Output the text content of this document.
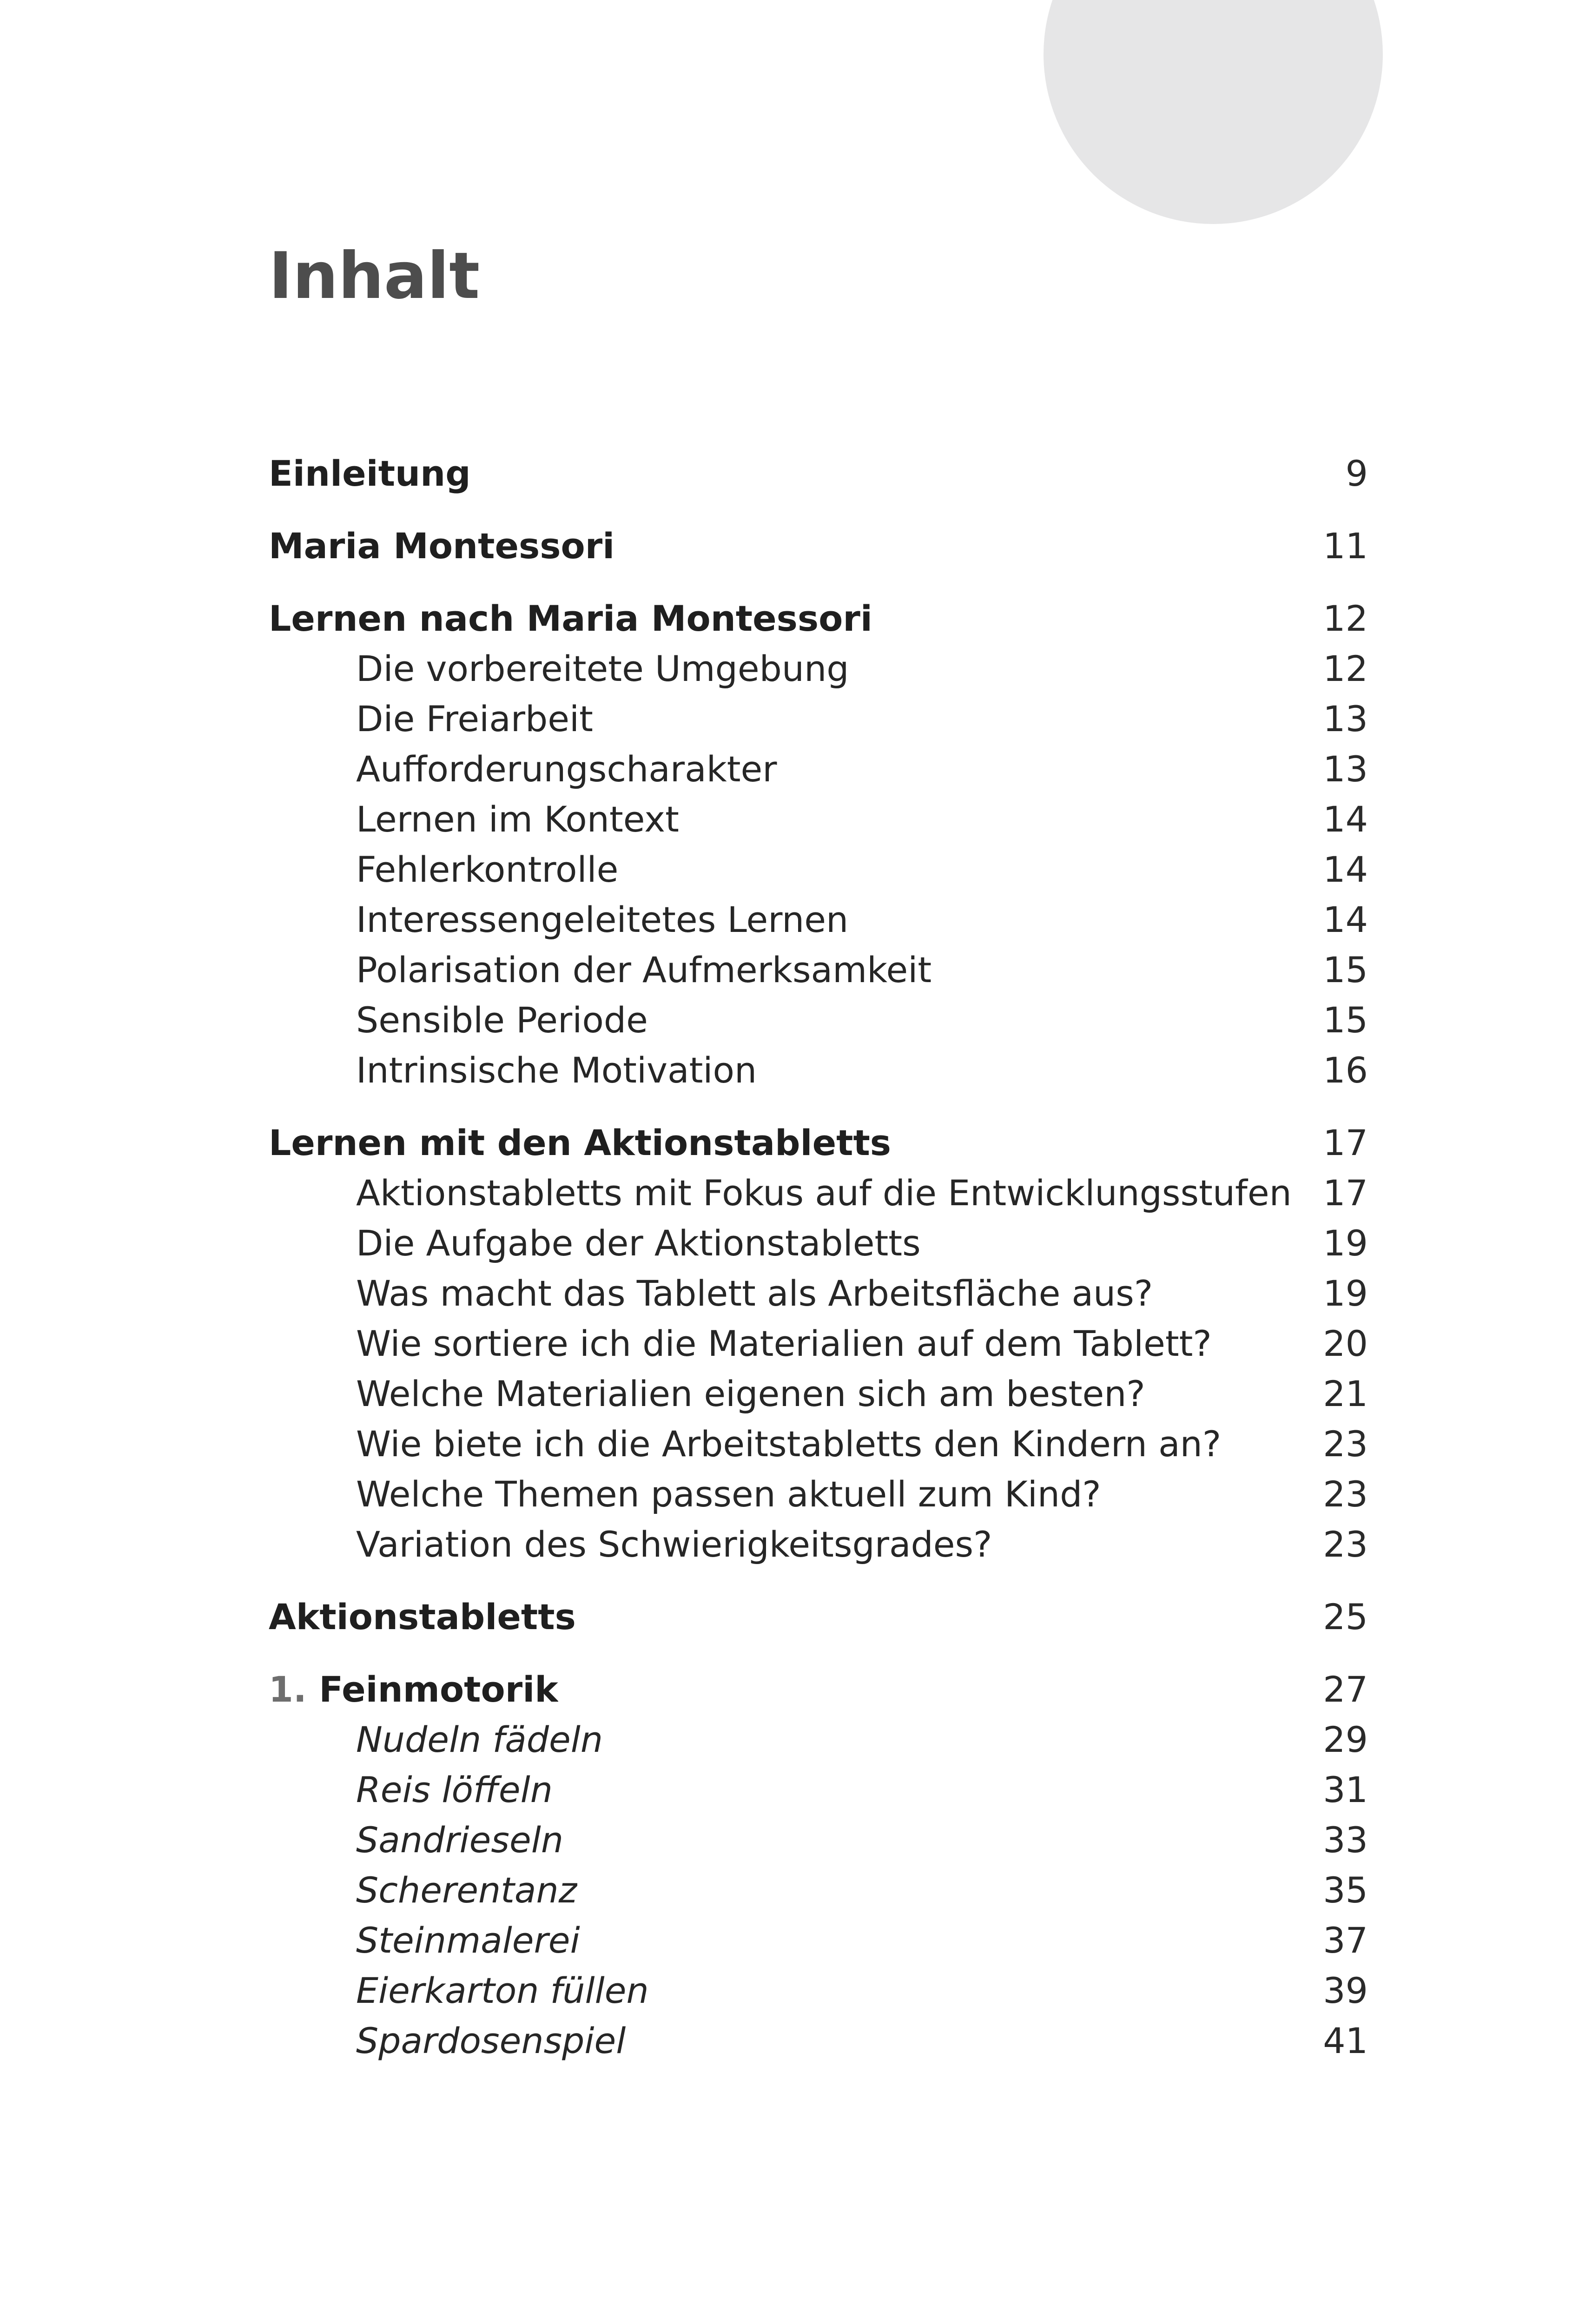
Inhalt
Einleitung	9
Maria Montessori	11
Lernen nach Maria Montessori	12
Die vorbereitete Umgebung	12
Die Freiarbeit	13
Aufforderungscharakter	13
Lernen im Kontext	14
Fehlerkontrolle	14
Interessengeleitetes Lernen	14
Polarisation der Aufmerksamkeit	15
Sensible Periode	15
Intrinsische Motivation	16
Lernen mit den Aktionstabletts	17
Aktionstabletts mit Fokus auf die Entwicklungsstufen 17
Die Aufgabe der Aktionstabletts	19
Was macht das Tablett als Arbeitsfläche aus?	19
Wie sortiere ich die Materialien auf dem Tablett?	20
Welche Materialien eigenen sich am besten?	21
Wie biete ich die Arbeitstabletts den Kindern an?	23
Welche Themen passen aktuell zum Kind?	23
Variation des Schwierigkeitsgrades?	23
Aktionstabletts	25
1. Feinmotorik	27
Nudeln fädeln	29
Reis löffeln	31
Sandrieseln	33
Scherentanz	35
Steinmalerei	37
Eierkarton füllen	39
Spardosenspiel	41
